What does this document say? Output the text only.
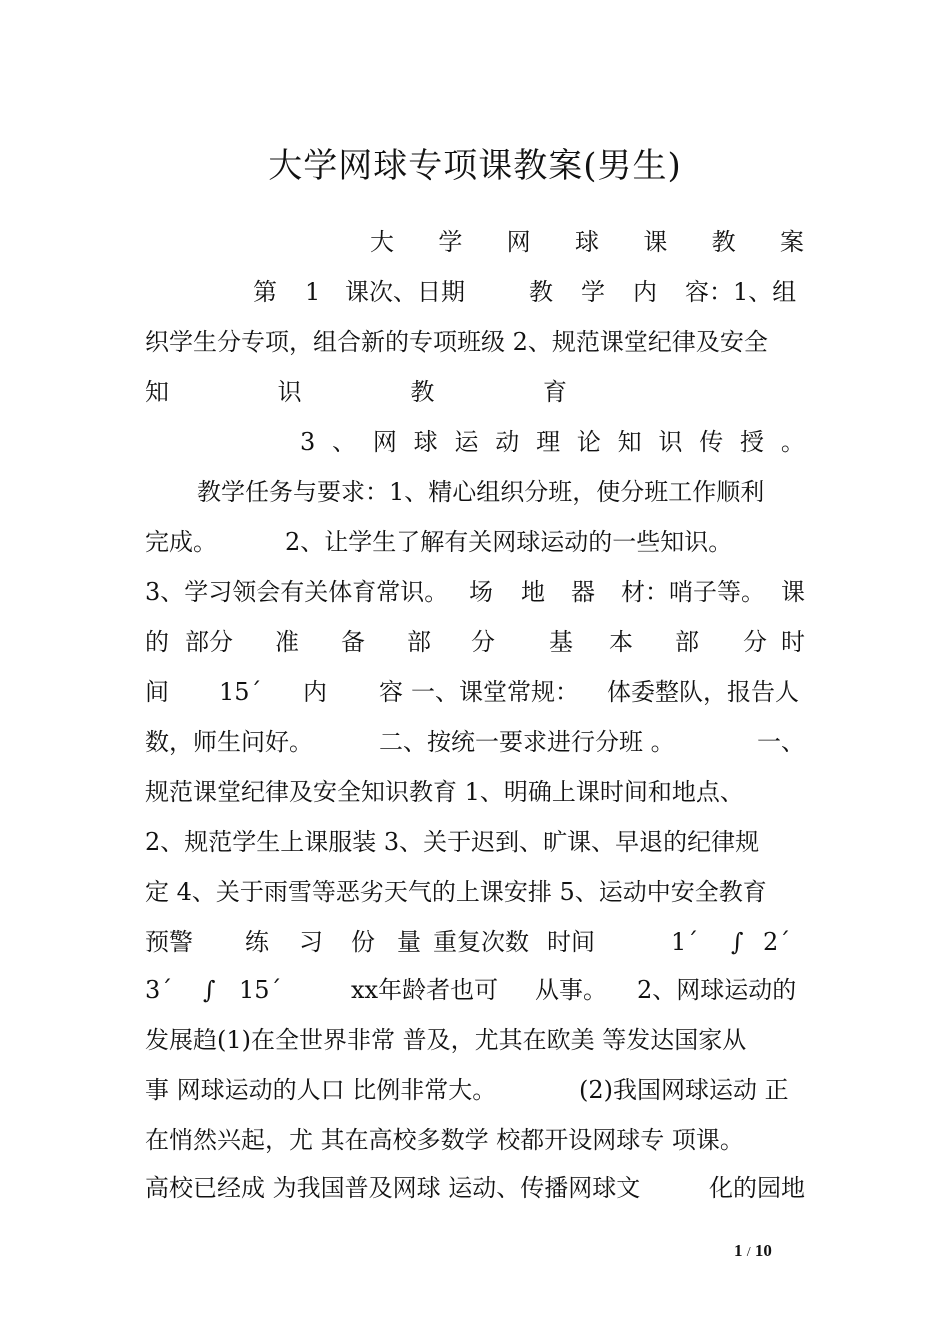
大学网球专项课教案(男生)
大 学 网 球 课 教 案
第 1 课次、日期	教 学 内 容：1、组
织学生分专项，组合新的专项班级 2、规范课堂纪律及安全
知	识	教	育
3 、 网 球 运 动 理 论 知 识 传 授 。
教学任务与要求：1、精心组织分班，使分班工作顺利
完成。	2、让学生了解有关网球运动的一些知识。
3、学习领会有关体育常识。 场 地 器 材：哨子等。 课
的 部分 准 备 部 分 基 本 部 分 时
间 15ˊ 内 容 一、课堂常规： 体委整队，报告人
数，师生问好。	二、按统一要求进行分班 。	一、
规范课堂纪律及安全知识教育 1、明确上课时间和地点、
2、规范学生上课服装 3、关于迟到、旷课、早退的纪律规
定 4、关于雨雪等恶劣天气的上课安排 5、运动中安全教育
预警 练 习 份 量 重复次数 时间	1ˊ ∫ 2ˊ
3ˊ ∫ 15ˊ	xx年龄者也可 从事。 2、网球运动的
发展趋(1)在全世界非常 普及，尤其在欧美 等发达国家从
事 网球运动的人口 比例非常大。	(2)我国网球运动 正
在悄然兴起，尤 其在高校多数学 校都开设网球专 项课。
高校已经成 为我国普及网球 运动、传播网球文	化的园地
1 / 10
